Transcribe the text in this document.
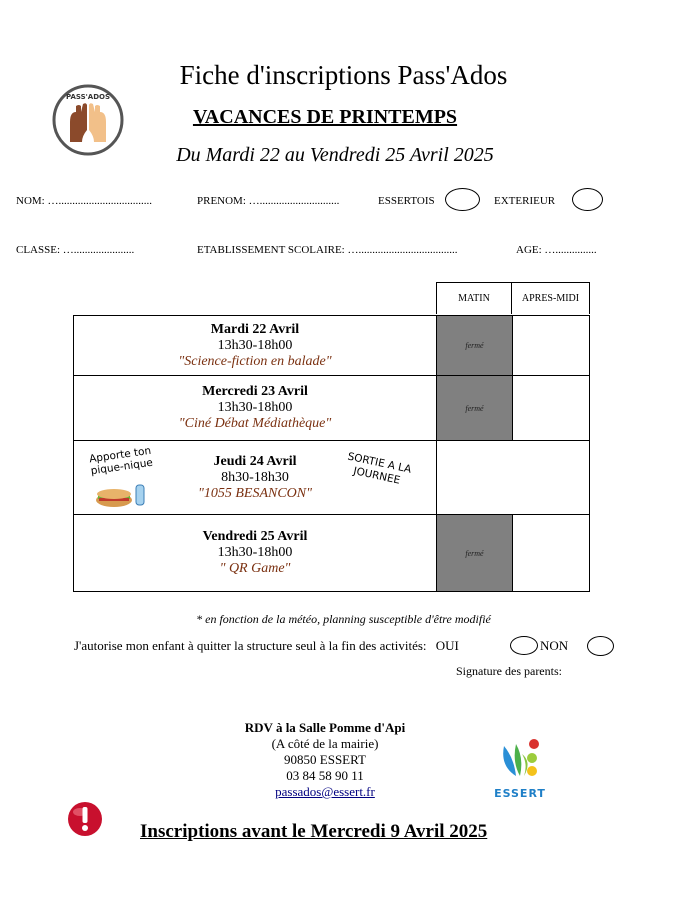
PASS'ADOS
Fiche d'inscriptions Pass'Ados
VACANCES DE PRINTEMPS
Du Mardi 22 au Vendredi 25 Avril 2025
NOM: …..................................	PRENOM: ….............................	ESSERTOIS	EXTERIEUR
CLASSE: …......................	ETABLISSEMENT SCOLAIRE: …....................................	AGE: …...............
MATIN	APRES-MIDI
Mardi 22 Avril
13h30-18h00
"Science-fiction en balade"	fermé	

Mercredi 23 Avril
13h30-18h00
"Ciné Débat Médiathèque"	fermé	

Jeudi 24 Avril
8h30-18h30
"1055 BESANCON"
Apporte ton pique-nique SORTIE A LA JOURNEE		

Vendredi 25 Avril
13h30-18h00
" QR Game"	fermé	
* en fonction de la météo, planning susceptible d'être modifié
J'autorise mon enfant à quitter la structure seul à la fin des activités: OUI	NON
Signature des parents:
RDV à la Salle Pomme d'Api
(A côté de la mairie)
90850 ESSERT
03 84 58 90 11
passados@essert.fr	ESSERT
Inscriptions avant le Mercredi 9 Avril 2025
